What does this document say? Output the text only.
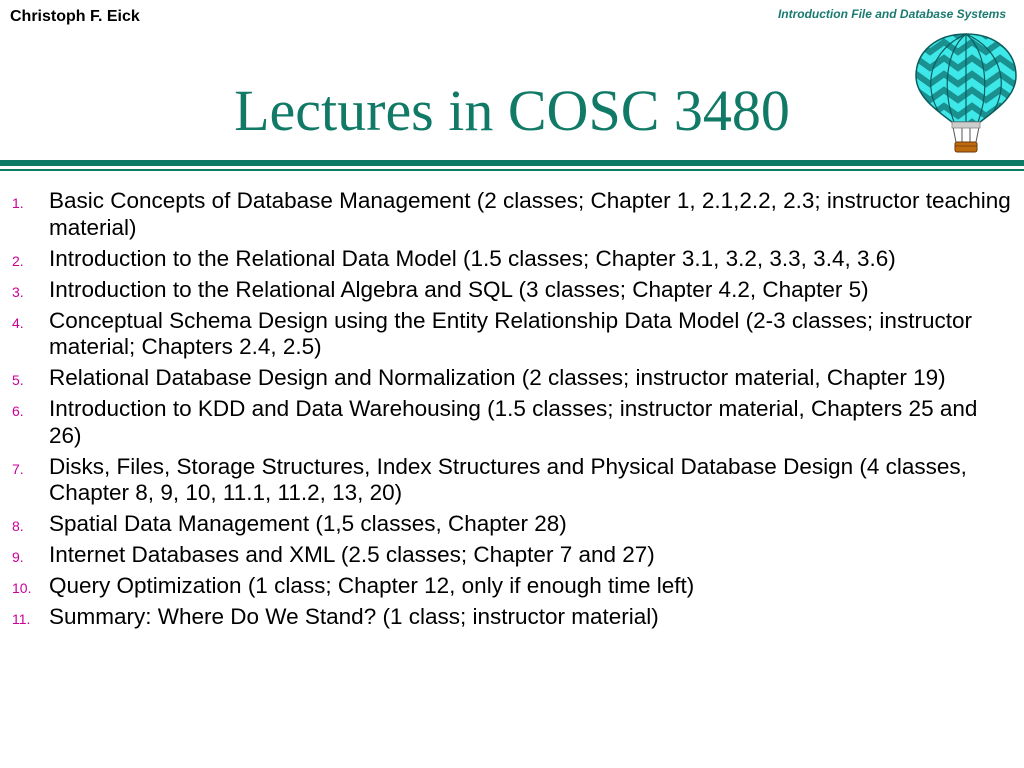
Christoph F. Eick	Introduction File and Database Systems
Lectures in COSC 3480
1. Basic Concepts of Database Management (2 classes; Chapter 1, 2.1,2.2, 2.3; instructor teaching material)
2. Introduction to the Relational Data Model (1.5 classes; Chapter 3.1, 3.2, 3.3, 3.4, 3.6)
3. Introduction to the Relational Algebra and SQL (3 classes; Chapter 4.2, Chapter 5)
4. Conceptual Schema Design using the Entity Relationship Data Model (2-3 classes; instructor material; Chapters 2.4, 2.5)
5. Relational Database Design and Normalization (2 classes; instructor material, Chapter 19)
6. Introduction to KDD and Data Warehousing (1.5 classes; instructor material, Chapters 25 and 26)
7. Disks, Files, Storage Structures, Index Structures and Physical Database Design (4 classes, Chapter 8, 9, 10, 11.1, 11.2, 13, 20)
8. Spatial Data Management (1,5 classes, Chapter 28)
9. Internet Databases and XML (2.5 classes; Chapter 7 and 27)
10. Query Optimization (1 class; Chapter 12, only if enough time left)
11. Summary: Where Do We Stand? (1 class; instructor material)
